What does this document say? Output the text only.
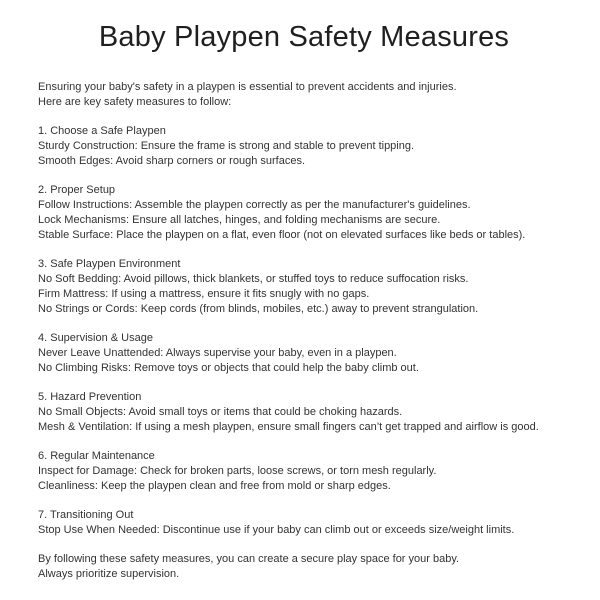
Baby Playpen Safety Measures
Ensuring your baby's safety in a playpen is essential to prevent accidents and injuries.
Here are key safety measures to follow:
1. Choose a Safe Playpen
Sturdy Construction: Ensure the frame is strong and stable to prevent tipping.
Smooth Edges: Avoid sharp corners or rough surfaces.
2. Proper Setup
Follow Instructions: Assemble the playpen correctly as per the manufacturer's guidelines.
Lock Mechanisms: Ensure all latches, hinges, and folding mechanisms are secure.
Stable Surface: Place the playpen on a flat, even floor (not on elevated surfaces like beds or tables).
3. Safe Playpen Environment
No Soft Bedding: Avoid pillows, thick blankets, or stuffed toys to reduce suffocation risks.
Firm Mattress: If using a mattress, ensure it fits snugly with no gaps.
No Strings or Cords: Keep cords (from blinds, mobiles, etc.) away to prevent strangulation.
4. Supervision & Usage
Never Leave Unattended: Always supervise your baby, even in a playpen.
No Climbing Risks: Remove toys or objects that could help the baby climb out.
5. Hazard Prevention
No Small Objects: Avoid small toys or items that could be choking hazards.
Mesh & Ventilation: If using a mesh playpen, ensure small fingers can’t get trapped and airflow is good.
6. Regular Maintenance
Inspect for Damage: Check for broken parts, loose screws, or torn mesh regularly.
Cleanliness: Keep the playpen clean and free from mold or sharp edges.
7. Transitioning Out
Stop Use When Needed: Discontinue use if your baby can climb out or exceeds size/weight limits.
By following these safety measures, you can create a secure play space for your baby.
Always prioritize supervision.
